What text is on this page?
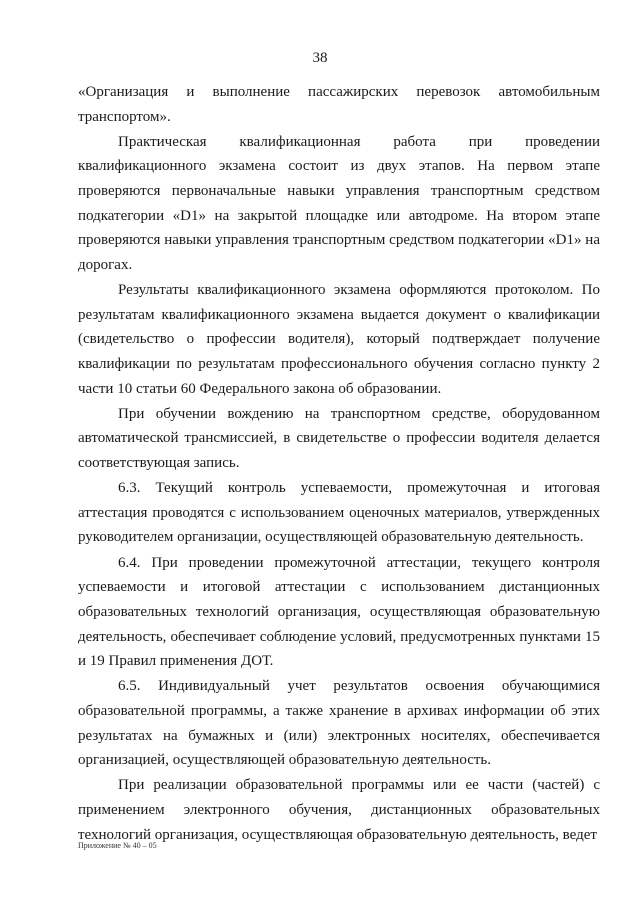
38

«Организация и выполнение пассажирских перевозок автомобильным транспортом».

Практическая квалификационная работа при проведении квалификационного экзамена состоит из двух этапов. На первом этапе проверяются первоначальные навыки управления транспортным средством подкатегории «D1» на закрытой площадке или автодроме. На втором этапе проверяются навыки управления транспортным средством подкатегории «D1» на дорогах.

Результаты квалификационного экзамена оформляются протоколом. По результатам квалификационного экзамена выдается документ о квалификации (свидетельство о профессии водителя), который подтверждает получение квалификации по результатам профессионального обучения согласно пункту 2 части 10 статьи 60 Федерального закона об образовании.

При обучении вождению на транспортном средстве, оборудованном автоматической трансмиссией, в свидетельстве о профессии водителя делается соответствующая запись.

6.3. Текущий контроль успеваемости, промежуточная и итоговая аттестация проводятся с использованием оценочных материалов, утвержденных руководителем организации, осуществляющей образовательную деятельность.

6.4. При проведении промежуточной аттестации, текущего контроля успеваемости и итоговой аттестации с использованием дистанционных образовательных технологий организация, осуществляющая образовательную деятельность, обеспечивает соблюдение условий, предусмотренных пунктами 15 и 19 Правил применения ДОТ.

6.5. Индивидуальный учет результатов освоения обучающимися образовательной программы, а также хранение в архивах информации об этих результатах на бумажных и (или) электронных носителях, обеспечивается организацией, осуществляющей образовательную деятельность.

При реализации образовательной программы или ее части (частей) с применением электронного обучения, дистанционных образовательных технологий организация, осуществляющая образовательную деятельность, ведет

Приложение № 40 – 05
